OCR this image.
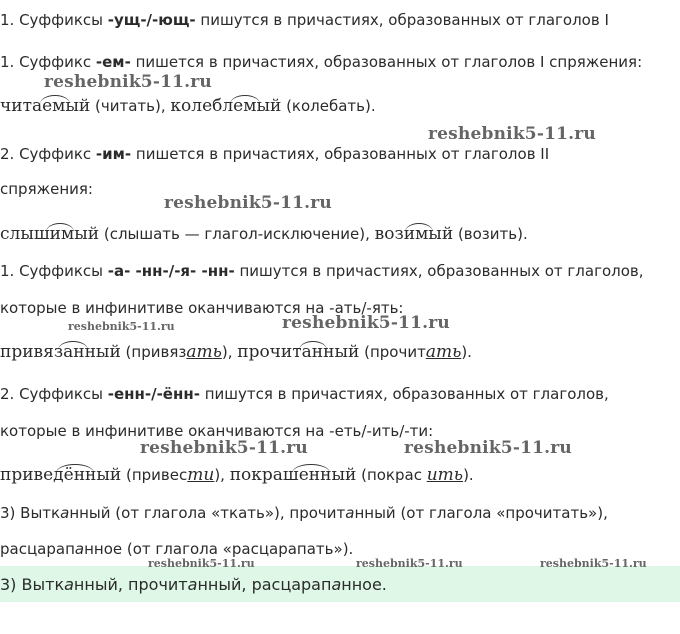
1. Суффиксы -ущ-/-ющ- пишутся в причастиях, образованных от глаголов I
1. Суффикс -ем- пишется в причастиях, образованных от глаголов I спряжения:
читаемый
(читать), колеблемый
(колебать).
2. Суффикс -им- пишется в причастиях, образованных от глаголов II
спряжения:
слышимый
(слышать — глагол-исключение), возимый
(возить).
1. Суффиксы -а- -нн-/-я- -нн- пишутся в причастиях, образованных от глаголов,
которые в инфинитиве оканчиваются на -ать/-ять:
привязанный
(привязать), прочитанный
(прочитать).
2. Суффиксы -енн-/-ённ- пишутся в причастиях, образованных от глаголов,
которые в инфинитиве оканчиваются на -еть/-ить/-ти:
приведённый
(привести), покрашенный
(покрас ить).
3) Вытканный (от глагола «ткать»), прочитанный (от глагола «прочитать»),
расцарапанное (от глагола «расцарапать»).
3) Вытканный, прочитанный, расцарапанное.
reshebnik5-11.ru
reshebnik5-11.ru
reshebnik5-11.ru
reshebnik5-11.ru	reshebnik5-11.ru
reshebnik5-11.ru	reshebnik5-11.ru
reshebnik5-11.ru	reshebnik5-11.ru	reshebnik5-11.ru
